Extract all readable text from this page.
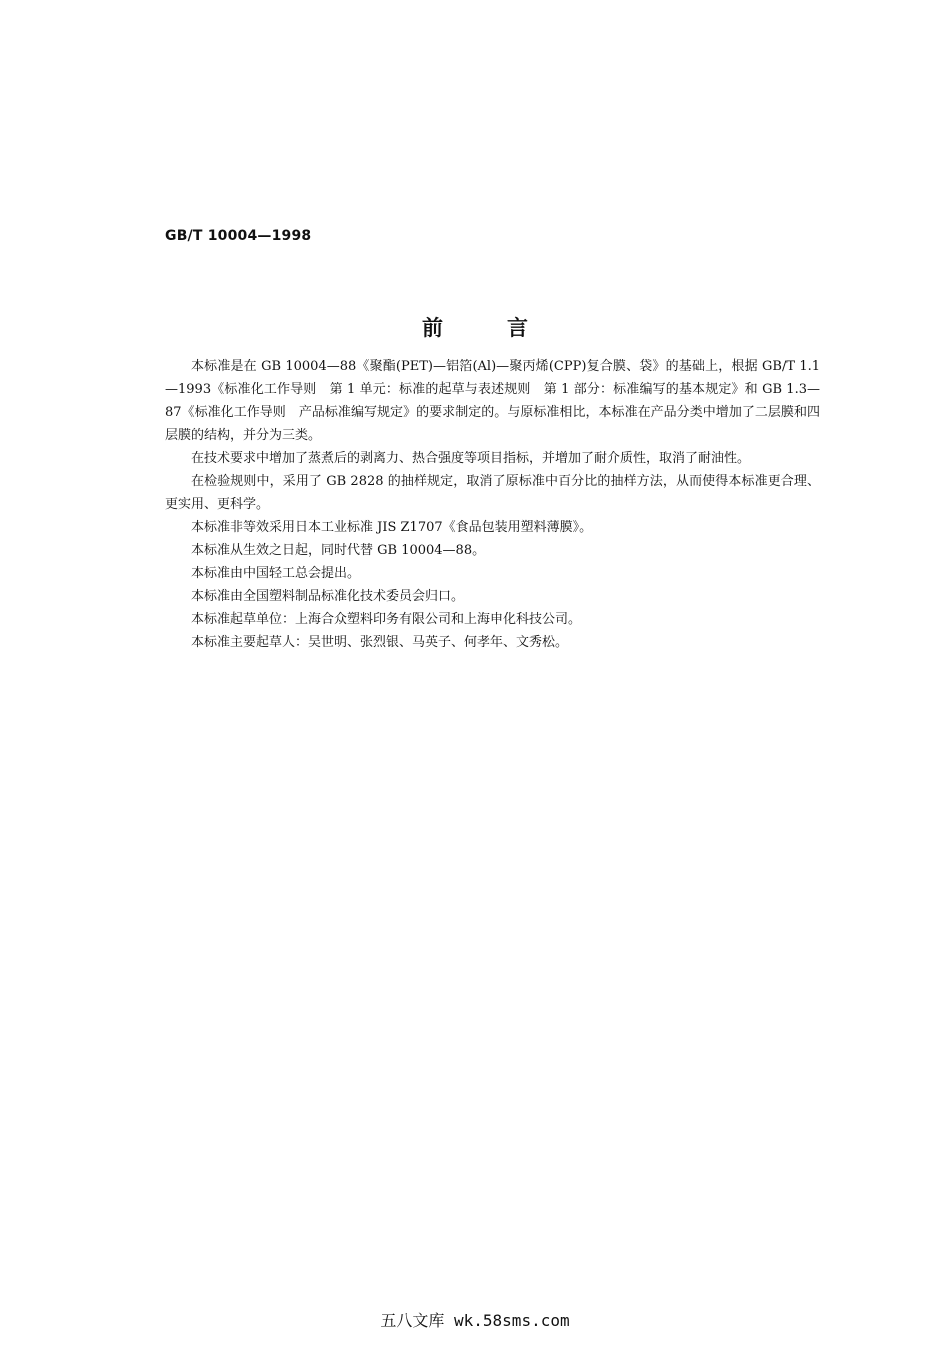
GB/T 10004—1998
前言

本标准是在 GB 10004—88《聚酯(PET)—铝箔(Al)—聚丙烯(CPP)复合膜、袋》的基础上，根据 GB/T 1.1—1993《标准化工作导则　第 1 单元：标准的起草与表述规则　第 1 部分：标准编写的基本规定》和 GB 1.3—87《标准化工作导则　产品标准编写规定》的要求制定的。与原标准相比，本标准在产品分类中增加了二层膜和四层膜的结构，并分为三类。

在技术要求中增加了蒸煮后的剥离力、热合强度等项目指标，并增加了耐介质性，取消了耐油性。

在检验规则中，采用了 GB 2828 的抽样规定，取消了原标准中百分比的抽样方法，从而使得本标准更合理、更实用、更科学。

本标准非等效采用日本工业标准 JIS Z1707《食品包装用塑料薄膜》。

本标准从生效之日起，同时代替 GB 10004—88。

本标准由中国轻工总会提出。

本标准由全国塑料制品标准化技术委员会归口。

本标准起草单位：上海合众塑料印务有限公司和上海申化科技公司。

本标准主要起草人：吴世明、张烈银、马英子、何孝年、文秀松。

五八文库 wk.58sms.com
